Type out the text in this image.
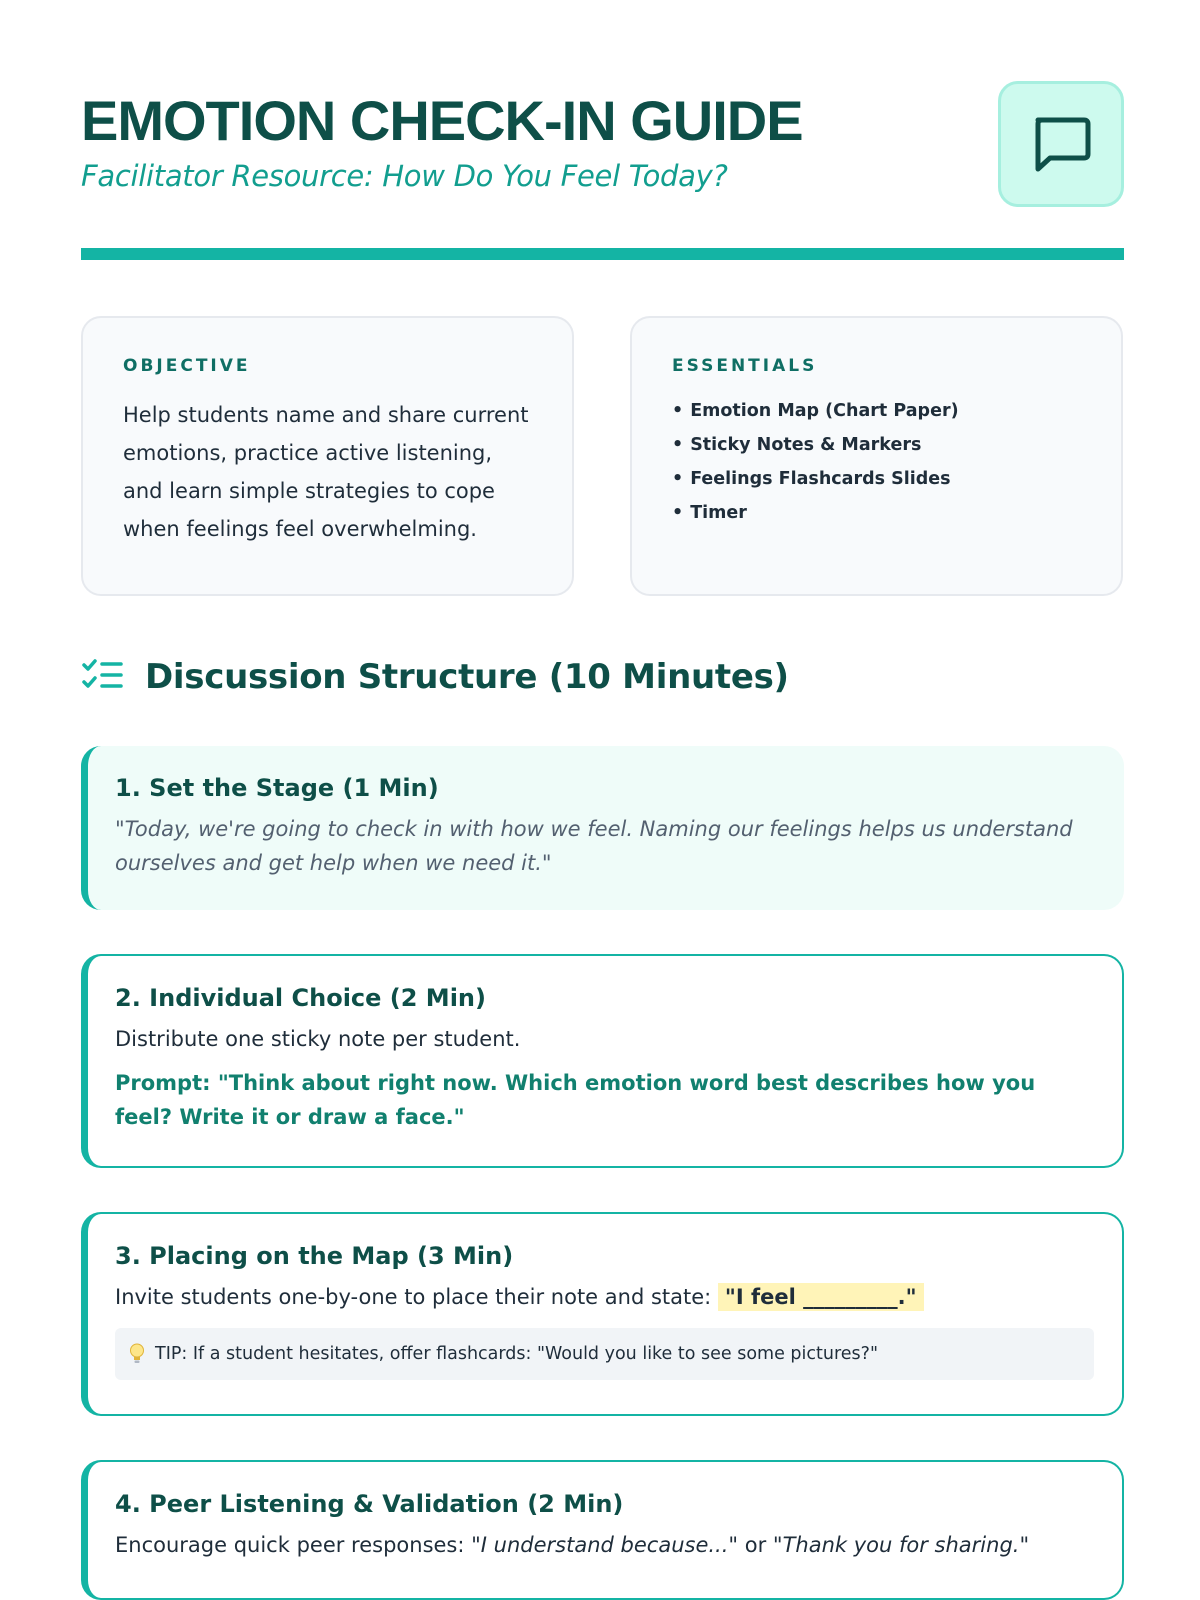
EMOTION CHECK-IN GUIDE
Facilitator Resource: How Do You Feel Today?
OBJECTIVE
Help students name and share current emotions, practice active listening, and learn simple strategies to cope when feelings feel overwhelming.
ESSENTIALS
• Emotion Map (Chart Paper)
• Sticky Notes & Markers
• Feelings Flashcards Slides
• Timer
Discussion Structure (10 Minutes)
1. Set the Stage (1 Min)
"Today, we're going to check in with how we feel. Naming our feelings helps us understand ourselves and get help when we need it."
2. Individual Choice (2 Min)
Distribute one sticky note per student.
Prompt: "Think about right now. Which emotion word best describes how you feel? Write it or draw a face."
3. Placing on the Map (3 Min)
Invite students one-by-one to place their note and state: "I feel _________."
TIP: If a student hesitates, offer flashcards: "Would you like to see some pictures?"
4. Peer Listening & Validation (2 Min)
Encourage quick peer responses: "I understand because..." or "Thank you for sharing."
